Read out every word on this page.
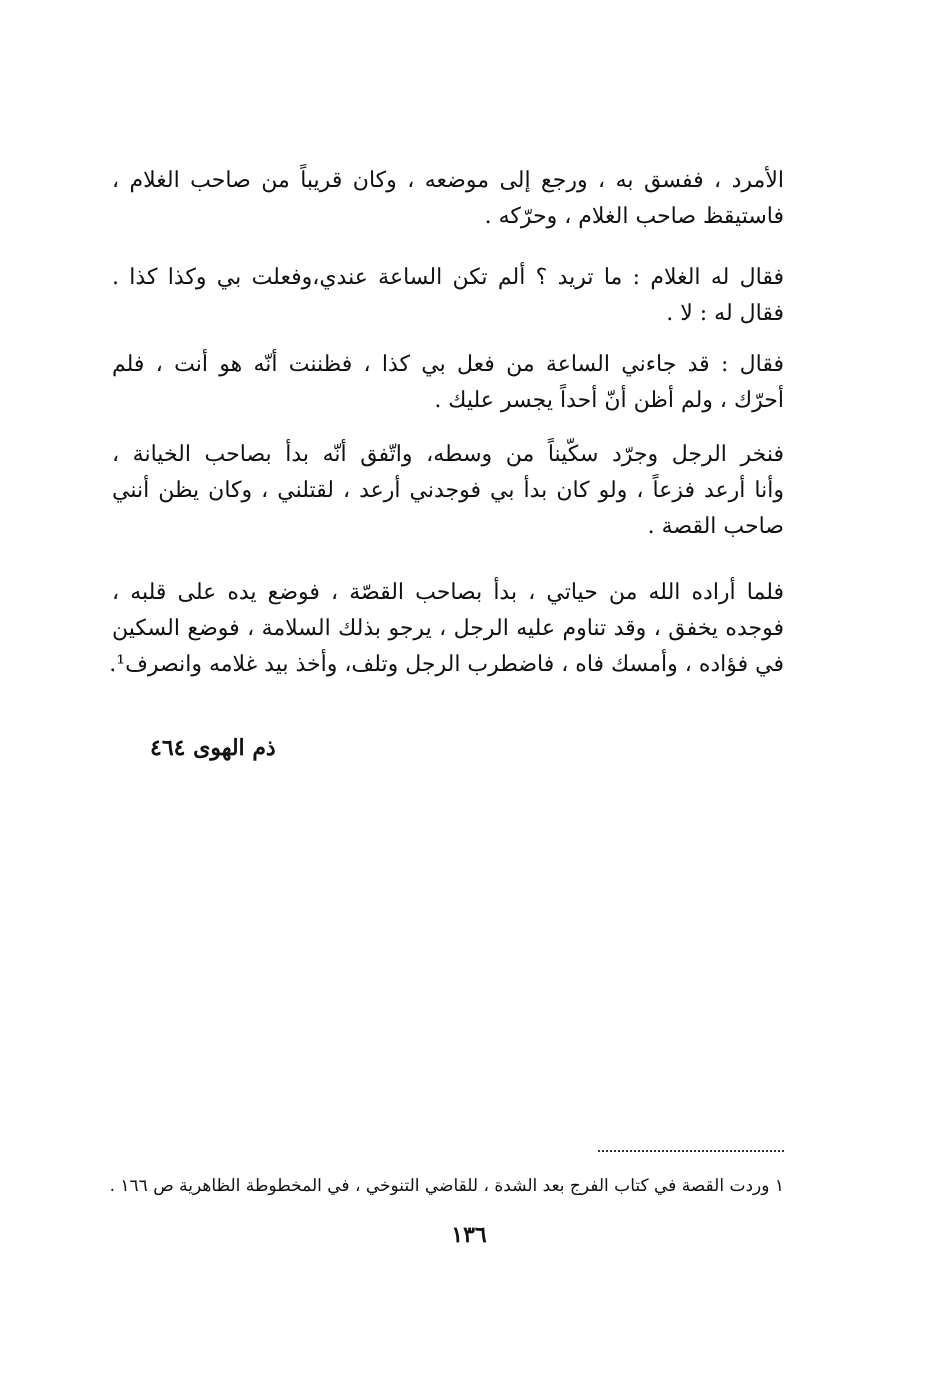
الأمرد ، ففسق به ، ورجع إلى موضعه ، وكان قريباً من صاحب الغلام ،
فاستيقظ صاحب الغلام ، وحرّكه .
فقال له الغلام : ما تريد ؟ ألم تكن الساعة عندي،وفعلت بي وكذا كذا .
فقال له : لا .
فقال : قد جاءني الساعة من فعل بي كذا ، فظننت أنّه هو أنت ، فلم
أحرّك ، ولم أظن أنّ أحداً يجسر عليك .
فنخر الرجل وجرّد سكّيناً من وسطه، واتّفق أنّه بدأ بصاحب الخيانة ،
وأنا أرعد فزعاً ، ولو كان بدأ بي فوجدني أرعد ، لقتلني ، وكان يظن أنني
صاحب القصة .
فلما أراده الله من حياتي ، بدأ بصاحب القصّة ، فوضع يده على قلبه ،
فوجده يخفق ، وقد تناوم عليه الرجل ، يرجو بذلك السلامة ، فوضع السكين
في فؤاده ، وأمسك فاه ، فاضطرب الرجل وتلف، وأخذ بيد غلامه وانصرف¹.
ذم الهوى ٤٦٤
١ وردت القصة في كتاب الفرج بعد الشدة ، للقاضي التنوخي ، في المخطوطة الظاهرية ص ١٦٦ .
١٣٦
